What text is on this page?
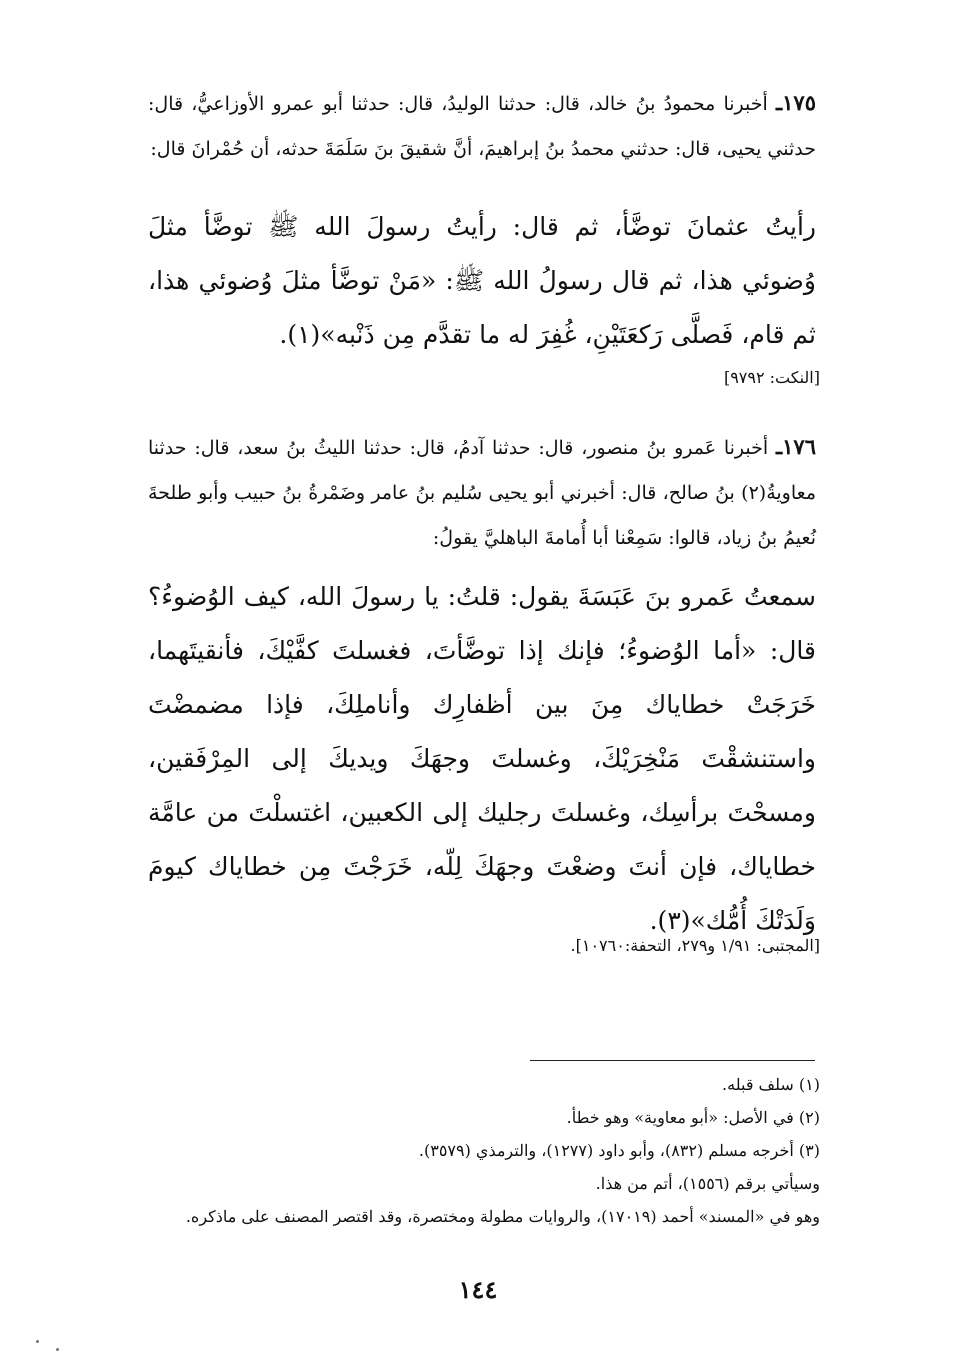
١٧٥ـ أخبرنا محمودُ بنُ خالد، قال: حدثنا الوليدُ، قال: حدثنا أبو عمرو الأوزاعيُّ، قال: حدثني يحيى، قال: حدثني محمدُ بنُ إبراهيمَ، أنَّ شقيقَ بنَ سَلَمَةَ حدثه، أن حُمْرانَ قال:
رأيتُ عثمانَ توضَّأ، ثم قال: رأيتُ رسولَ الله ﷺ توضَّأ مثلَ وُضوئي هذا، ثم قال رسولُ الله ﷺ: «مَنْ توضَّأ مثلَ وُضوئي هذا، ثم قام، فَصلَّى رَكعَتَيْنِ، غُفِرَ له ما تقدَّم مِن ذَنْبه»(١).
[النكت: ٩٧٩٢]
١٧٦ـ أخبرنا عَمرو بنُ منصور، قال: حدثنا آدمُ، قال: حدثنا الليثُ بنُ سعد، قال: حدثنا معاويةُ(٢) بنُ صالح، قال: أخبرني أبو يحيى سُليم بنُ عامر وضَمْرةُ بنُ حبيب وأبو طلحةَ نُعيمُ بنُ زياد، قالوا: سَمِعْنا أبا أُمامةَ الباهليَّ يقولُ:
سمعتُ عَمرو بنَ عَبَسَةَ يقول: قلتُ: يا رسولَ الله، كيف الوُضوءُ؟ قال: «أما الوُضوءُ؛ فإنك إذا توضَّأتَ، فغسلتَ كفَّيْكَ، فأنقيتَهما، خَرَجَتْ خطاياك مِنَ بين أظفارِك وأناملِكَ، فإذا مضمضْتَ واستنشقْتَ مَنْخِرَيْكَ، وغسلتَ وجهَكَ ويديكَ إلى المِرْفَقين، ومسحْتَ برأسِك، وغسلتَ رجليك إلى الكعبين، اغتسلْتَ من عامَّة خطاياك، فإن أنتَ وضعْتَ وجهَكَ لِلّه، خَرَجْتَ مِن خطاياك كيومَ وَلَدَتْكَ أُمُّك»(٣).
[المجتبى: ١/٩١ و٢٧٩، التحفة:١٠٧٦٠].

(١) سلف قبله.

(٢) في الأصل: «أبو معاوية» وهو خطأ.

(٣) أخرجه مسلم (٨٣٢)، وأبو داود (١٢٧٧)، والترمذي (٣٥٧٩).

وسيأتي برقم (١٥٥٦)، أتم من هذا.

وهو في «المسند» أحمد (١٧٠١٩)، والروايات مطولة ومختصرة، وقد اقتصر المصنف على ماذكره.

١٤٤
